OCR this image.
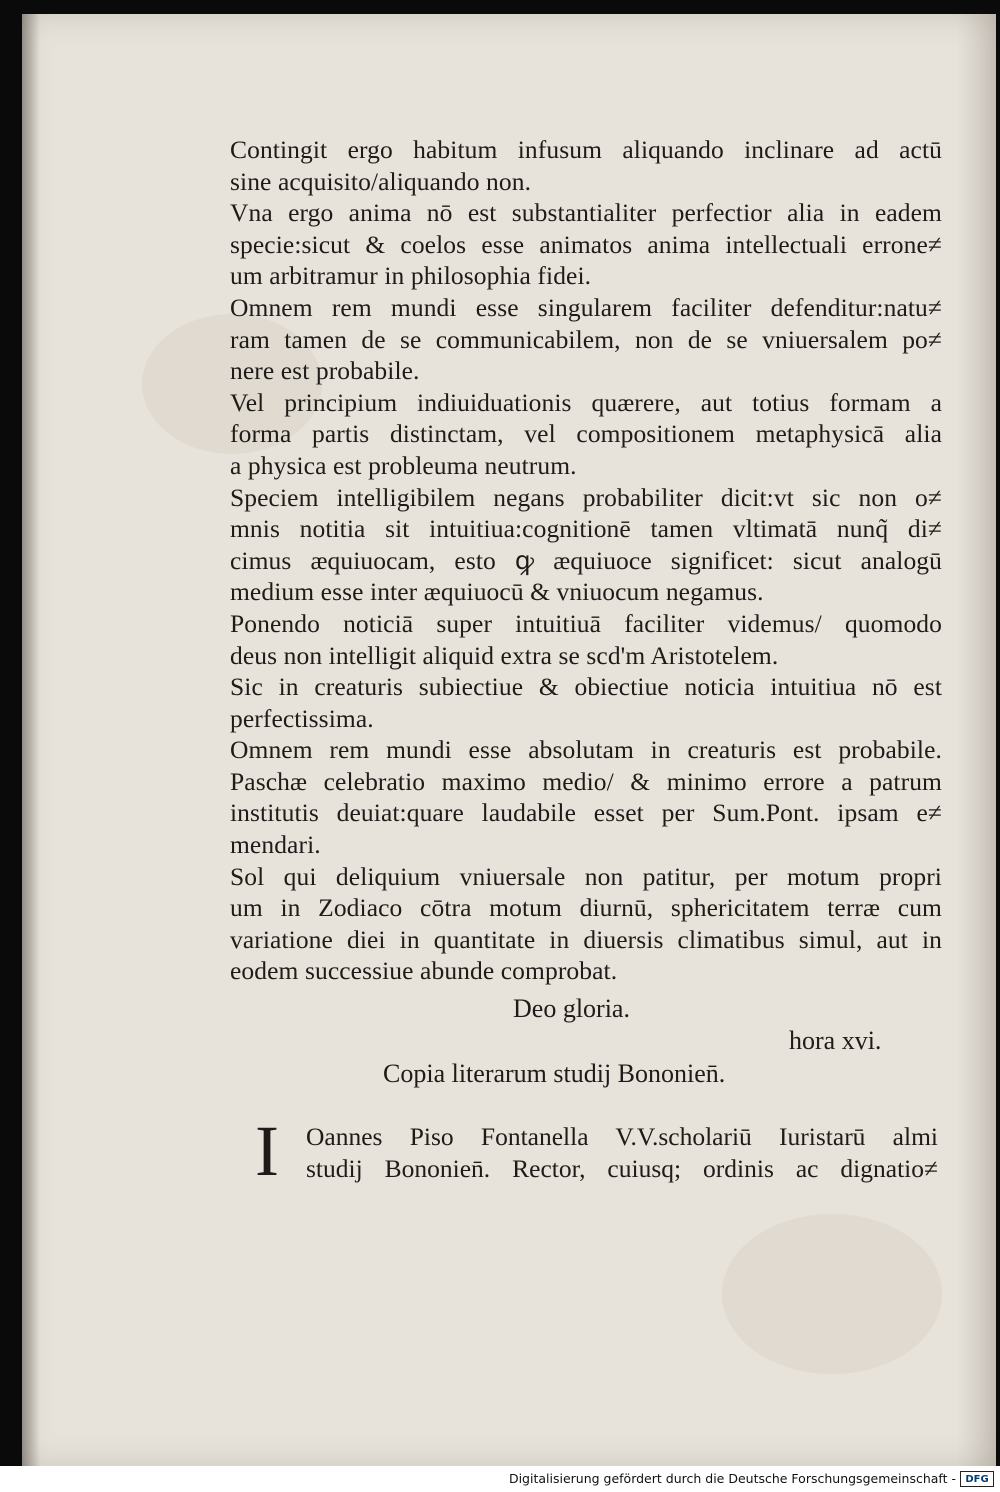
Contingit ergo habitum infusum aliquando inclinare ad actū
sine acquisito/aliquando non.
Vna ergo anima nō est substantialiter perfectior alia in eadem
specie:sicut & coelos esse animatos anima intellectuali errone≠
um arbitramur in philosophia fidei.
Omnem rem mundi esse singularem faciliter defenditur:natu≠
ram tamen de se communicabilem, non de se vniuersalem po≠
nere est probabile.
Vel principium indiuiduationis quærere, aut totius formam a
forma partis distinctam, vel compositionem metaphysicā alia
a physica est probleuma neutrum.
Speciem intelligibilem negans probabiliter dicit:vt sic non o≠
mnis notitia sit intuitiua:cognitionē tamen vltimatā nunq̃ di≠
cimus æquiuocam, esto ꝙ æquiuoce significet: sicut analogū
medium esse inter æquiuocū & vniuocum negamus.
Ponendo noticiā super intuitiuā faciliter videmus/ quomodo
deus non intelligit aliquid extra se scd'm Aristotelem.
Sic in creaturis subiectiue & obiectiue noticia intuitiua nō est
perfectissima.
Omnem rem mundi esse absolutam in creaturis est probabile.
Paschæ celebratio maximo medio/ & minimo errore a patrum
institutis deuiat:quare laudabile esset per Sum.Pont. ipsam e≠
mendari.
Sol qui deliquium vniuersale non patitur, per motum propri
um in Zodiaco cōtra motum diurnū, sphericitatem terræ cum
variatione diei in quantitate in diuersis climatibus simul, aut in
eodem successiue abunde comprobat.
Deo gloria.
hora xvi.
Copia literarum studij Bononien̄.
I	Oannes Piso Fontanella V.V.scholariū Iuristarū almi
studij Bononien̄. Rector, cuiusq; ordinis ac dignatio≠
Digitalisierung gefördert durch die Deutsche Forschungsgemeinschaft - DFG
